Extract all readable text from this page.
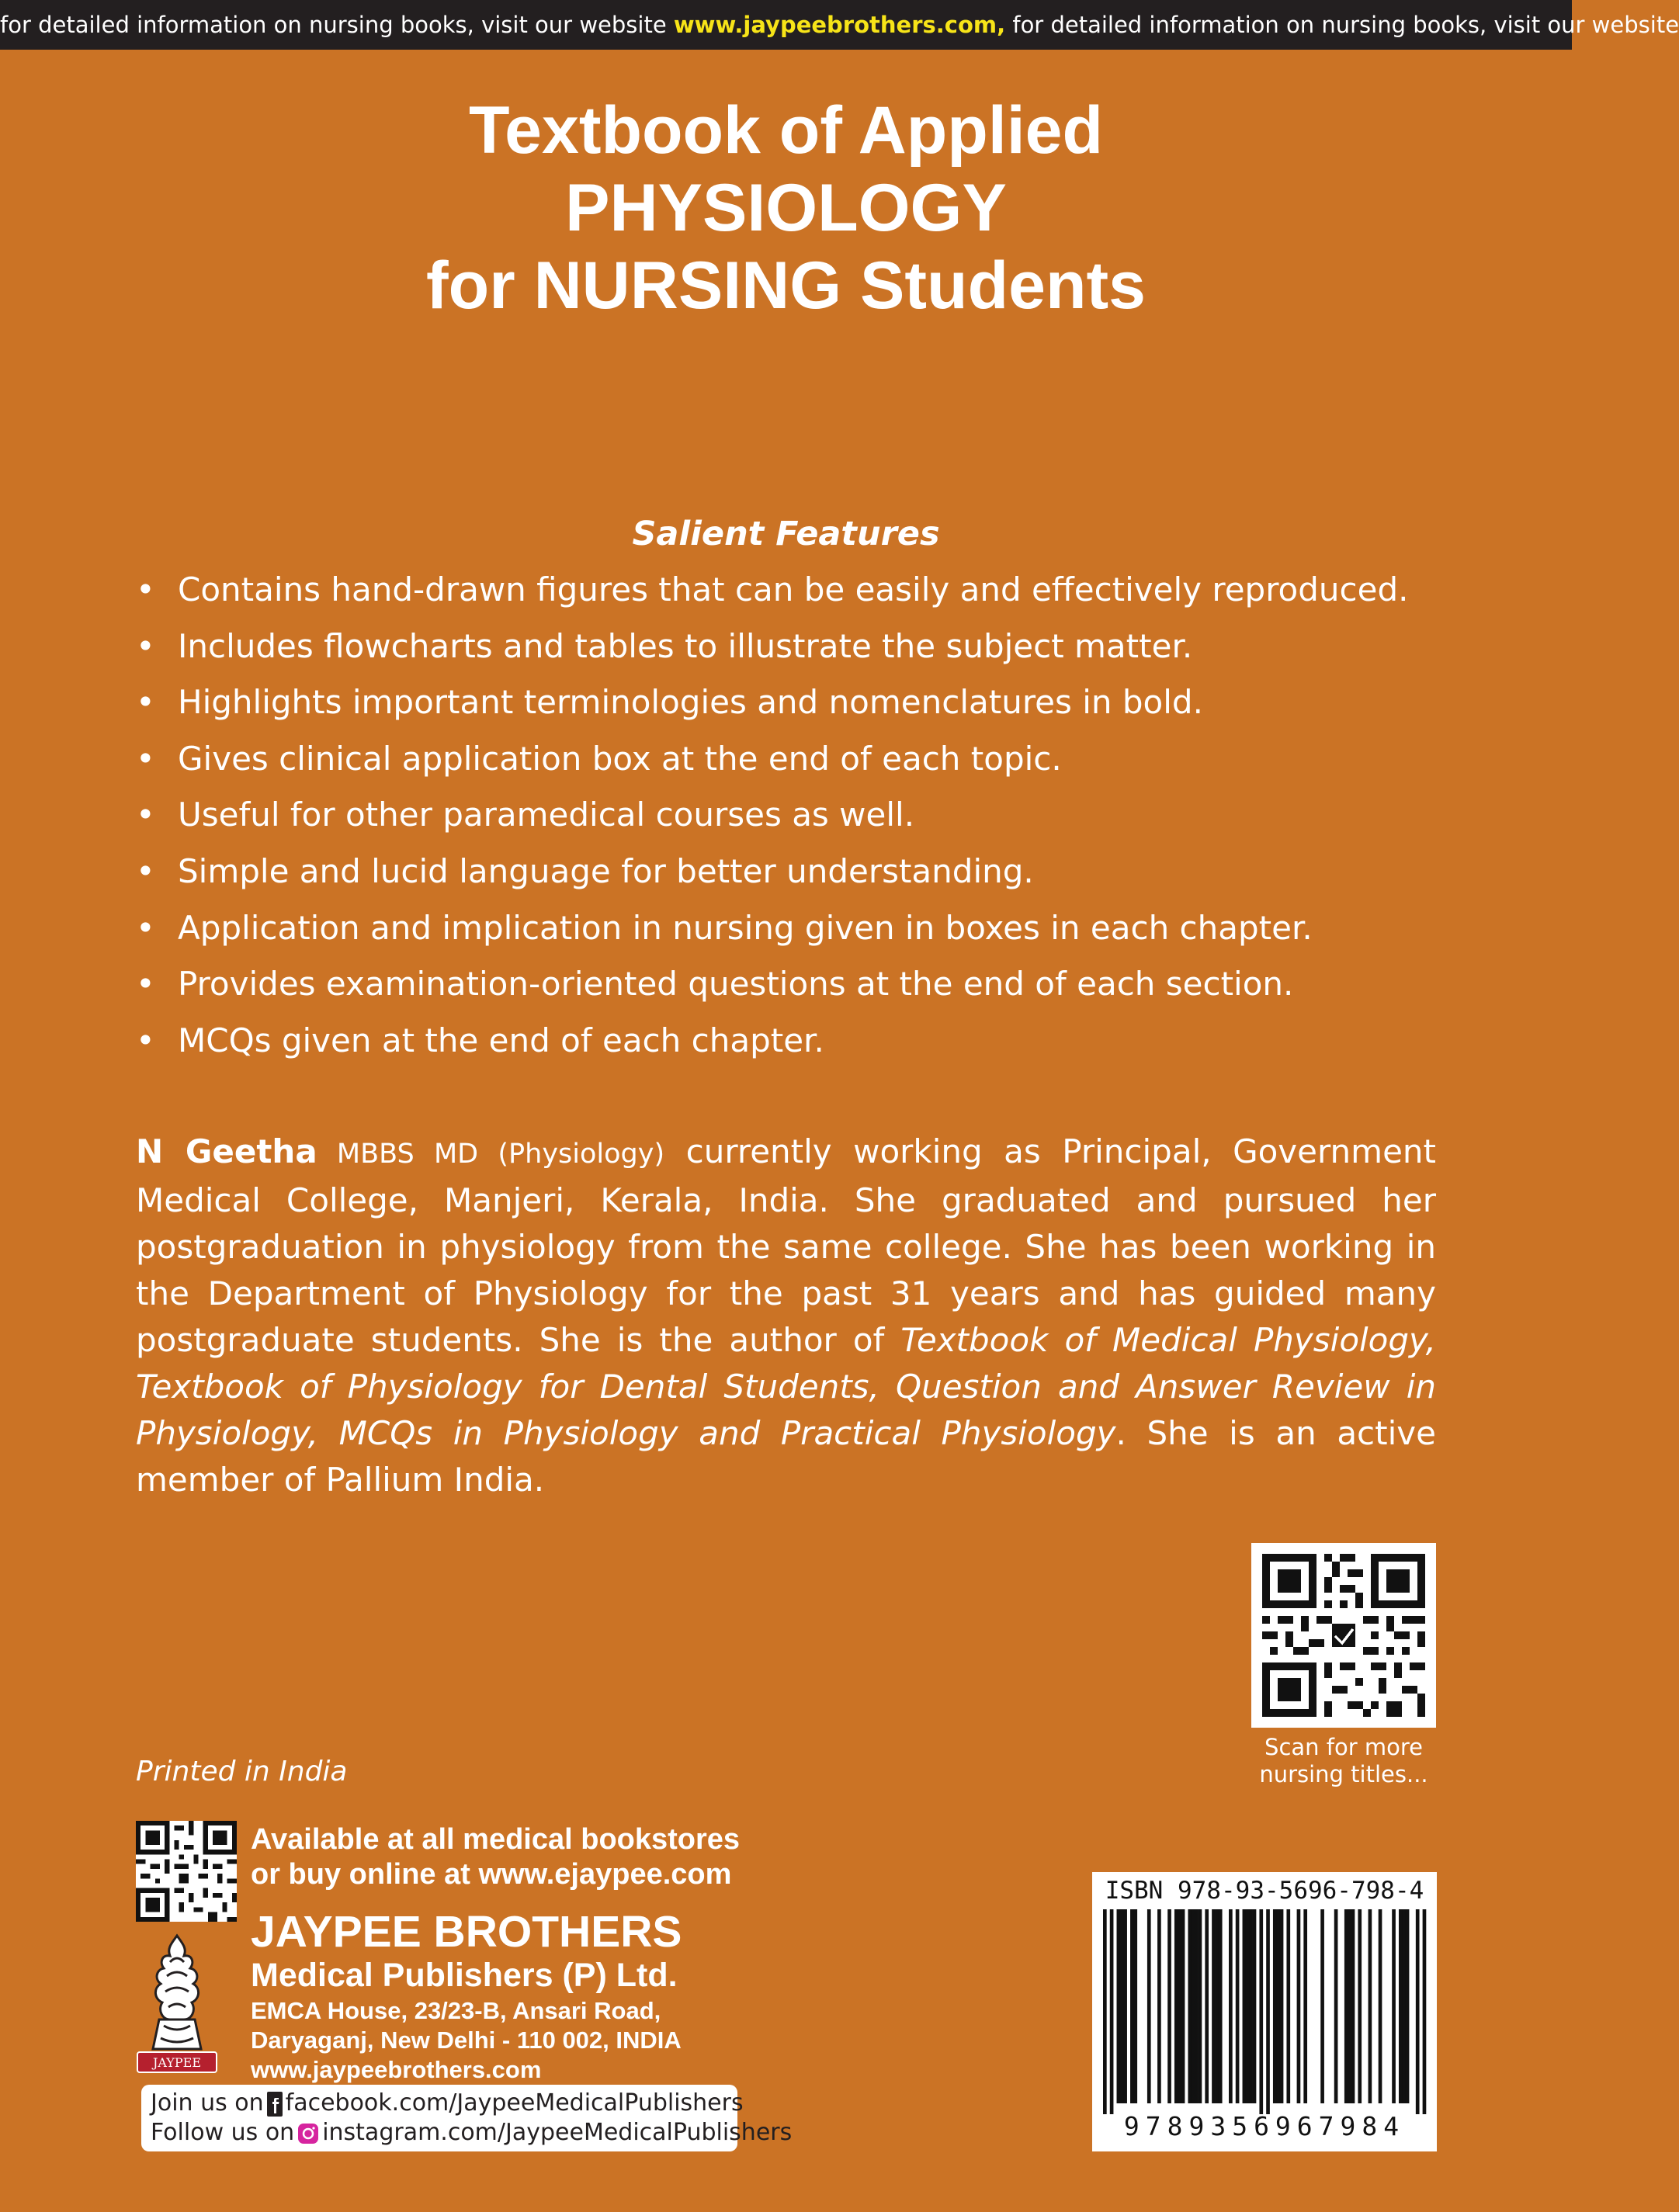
for detailed information on nursing books, visit our website www.jaypeebrothers.com, for detailed information on nursing books, visit our website
Textbook of Applied
PHYSIOLOGY
for NURSING Students
Salient Features
• Contains hand-drawn figures that can be easily and effectively reproduced.
• Includes flowcharts and tables to illustrate the subject matter.
• Highlights important terminologies and nomenclatures in bold.
• Gives clinical application box at the end of each topic.
• Useful for other paramedical courses as well.
• Simple and lucid language for better understanding.
• Application and implication in nursing given in boxes in each chapter.
• Provides examination-oriented questions at the end of each section.
• MCQs given at the end of each chapter.
N Geetha MBBS MD (Physiology) currently working as Principal, Government Medical College, Manjeri, Kerala, India. She graduated and pursued her postgraduation in physiology from the same college. She has been working in the Department of Physiology for the past 31 years and has guided many postgraduate students. She is the author of Textbook of Medical Physiology, Textbook of Physiology for Dental Students, Question and Answer Review in Physiology, MCQs in Physiology and Practical Physiology. She is an active member of Pallium India.
Scan for more
nursing titles...
Printed in India
JAYPEE
Available at all medical bookstores
or buy online at www.ejaypee.com
JAYPEE BROTHERS
Medical Publishers (P) Ltd.
EMCA House, 23/23-B, Ansari Road,
Daryaganj, New Delhi - 110 002, INDIA
www.jaypeebrothers.com
Join us on facebook.com/JaypeeMedicalPublishers
Follow us on instagram.com/JaypeeMedicalPublishers
ISBN 978-93-5696-798-4
9789356967984
